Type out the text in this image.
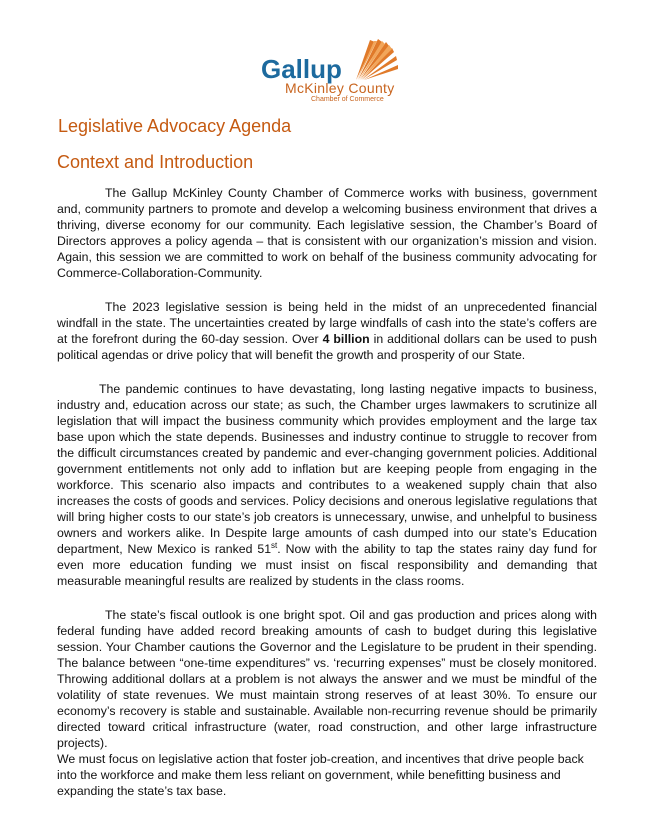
Gallup
McKinley County
Chamber of Commerce
Legislative Advocacy Agenda
Context and Introduction

The Gallup McKinley County Chamber of Commerce works with business, government and, community partners to promote and develop a welcoming business environment that drives a thriving, diverse economy for our community. Each legislative session, the Chamber’s Board of Directors approves a policy agenda – that is consistent with our organization’s mission and vision. Again, this session we are committed to work on behalf of the business community advocating for Commerce-Collaboration-Community.

The 2023 legislative session is being held in the midst of an unprecedented financial windfall in the state. The uncertainties created by large windfalls of cash into the state’s coffers are at the forefront during the 60-day session. Over 4 billion in additional dollars can be used to push political agendas or drive policy that will benefit the growth and prosperity of our State.

The pandemic continues to have devastating, long lasting negative impacts to business, industry and, education across our state; as such, the Chamber urges lawmakers to scrutinize all legislation that will impact the business community which provides employment and the large tax base upon which the state depends. Businesses and industry continue to struggle to recover from the difficult circumstances created by pandemic and ever-changing government policies. Additional government entitlements not only add to inflation but are keeping people from engaging in the workforce. This scenario also impacts and contributes to a weakened supply chain that also increases the costs of goods and services. Policy decisions and onerous legislative regulations that will bring higher costs to our state’s job creators is unnecessary, unwise, and unhelpful to business owners and workers alike. In Despite large amounts of cash dumped into our state’s Education department, New Mexico is ranked 51st. Now with the ability to tap the states rainy day fund for even more education funding we must insist on fiscal responsibility and demanding that measurable meaningful results are realized by students in the class rooms.

The state’s fiscal outlook is one bright spot. Oil and gas production and prices along with federal funding have added record breaking amounts of cash to budget during this legislative session. Your Chamber cautions the Governor and the Legislature to be prudent in their spending. The balance between “one-time expenditures” vs. ‘recurring expenses” must be closely monitored. Throwing additional dollars at a problem is not always the answer and we must be mindful of the volatility of state revenues. We must maintain strong reserves of at least 30%. To ensure our economy’s recovery is stable and sustainable. Available non-recurring revenue should be primarily directed toward critical infrastructure (water, road construction, and other large infrastructure projects).

We must focus on legislative action that foster job-creation, and incentives that drive people back into the workforce and make them less reliant on government, while benefitting business and expanding the state’s tax base.
